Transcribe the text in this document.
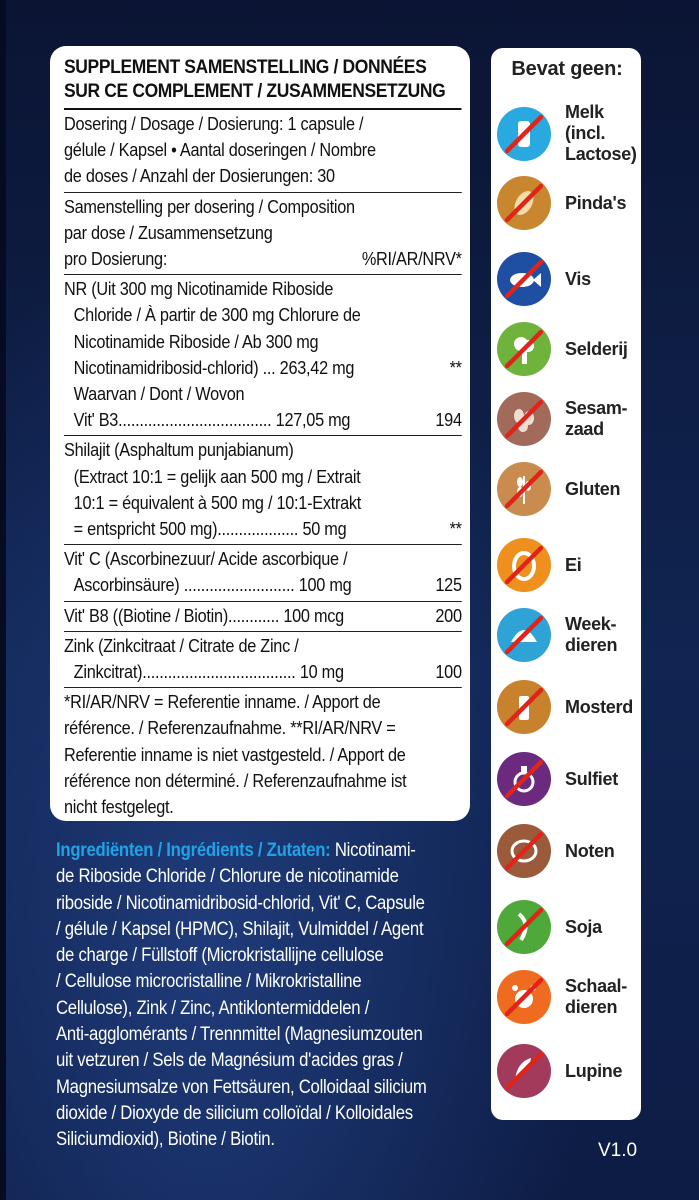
SUPPLEMENT SAMENSTELLING / DONNÉES
SUR CE COMPLEMENT / ZUSAMMENSETZUNG
Dosering / Dosage / Dosierung: 1 capsule /
gélule / Kapsel • Aantal doseringen / Nombre
de doses / Anzahl der Dosierungen: 30
Samenstelling per dosering / Composition
par dose / Zusammensetzung
pro Dosierung:	%RI/AR/NRV*
NR (Uit 300 mg Nicotinamide Riboside
Chloride / À partir de 300 mg Chlorure de
Nicotinamide Riboside / Ab 300 mg
Nicotinamidribosid-chlorid) ... 263,42 mg	**
Waarvan / Dont / Wovon
Vit' B3.................................... 127,05 mg	194
Shilajit (Asphaltum punjabianum)
(Extract 10:1 = gelijk aan 500 mg / Extrait
10:1 = équivalent à 500 mg / 10:1-Extrakt
= entspricht 500 mg)................... 50 mg	**
Vit' C (Ascorbinezuur/ Acide ascorbique /
Ascorbinsäure) .......................... 100 mg	125
Vit' B8 ((Biotine / Biotin)............ 100 mcg	200
Zink (Zinkcitraat / Citrate de Zinc /
Zinkcitrat).................................... 10 mg	100
*RI/AR/NRV = Referentie inname. / Apport de
référence. / Referenzaufnahme. **RI/AR/NRV =
Referentie inname is niet vastgesteld. / Apport de
référence non déterminé. / Referenzaufnahme ist
nicht festgelegt.
Ingrediënten / Ingrédients / Zutaten: Nicotinami-
de Riboside Chloride / Chlorure de nicotinamide
riboside / Nicotinamidribosid-chlorid, Vit' C, Capsule
/ gélule / Kapsel (HPMC), Shilajit, Vulmiddel / Agent
de charge / Füllstoff (Microkristallijne cellulose
/ Cellulose microcristalline / Mikrokristalline
Cellulose), Zink / Zinc, Antiklontermiddelen /
Anti-agglomérants / Trennmittel (Magnesiumzouten
uit vetzuren / Sels de Magnésium d'acides gras /
Magnesiumsalze von Fettsäuren, Colloidaal silicium
dioxide / Dioxyde de silicium colloïdal / Kolloidales
Siliciumdioxid), Biotine / Biotin.
V1.0
Bevat geen:
Melk
(incl.
Lactose)
Pinda's
Vis
Selderij
Sesam-
zaad
Gluten
Ei
Week-
dieren
Mosterd
Sulfiet
Noten
Soja
Schaal-
dieren
Lupine
